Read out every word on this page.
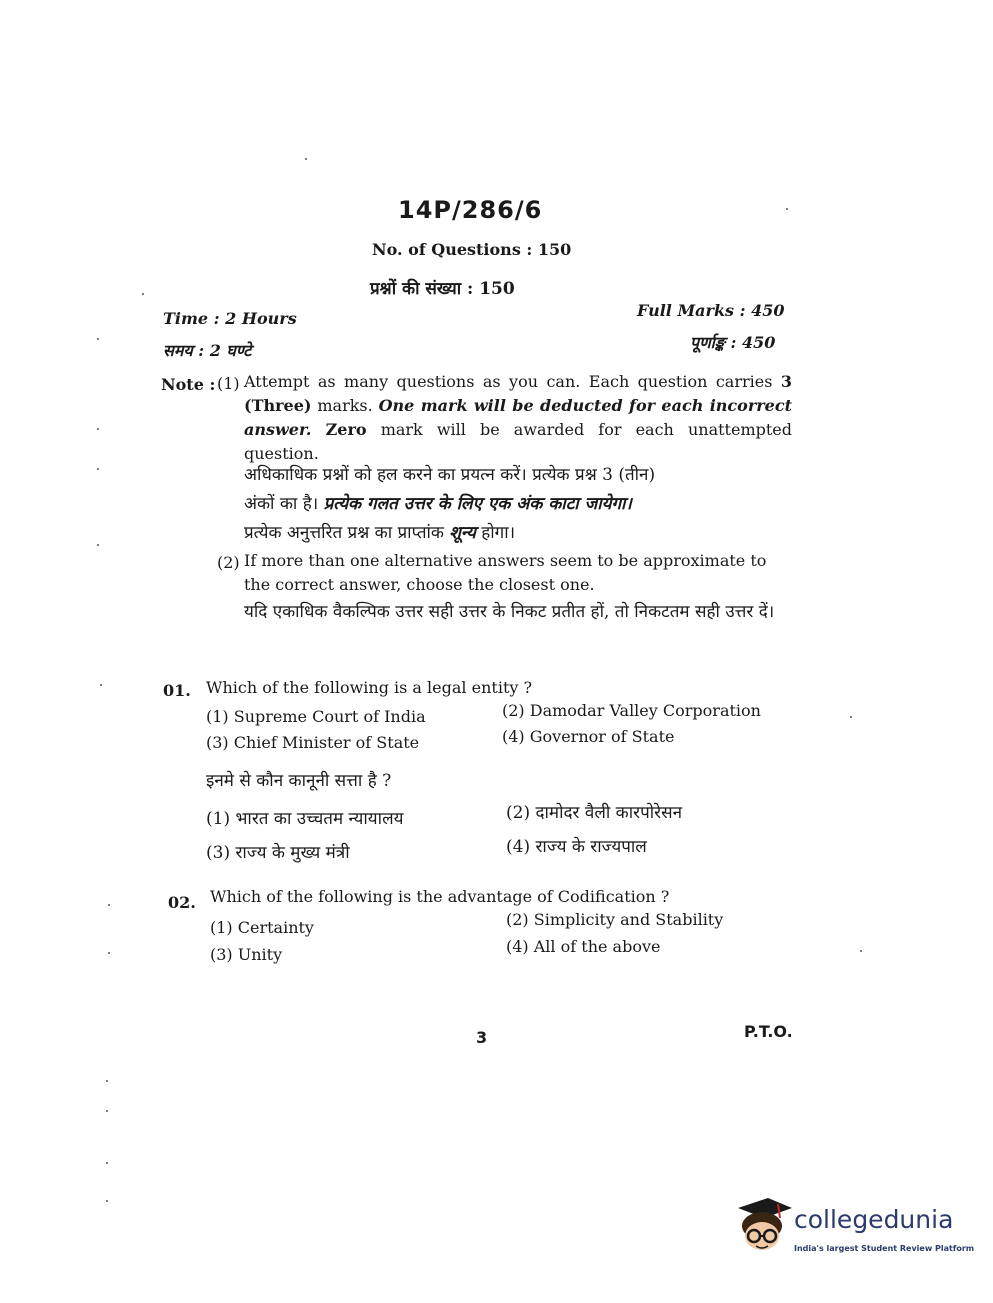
14P/286/6
No. of Questions : 150
प्रश्नों की संख्या : 150
Time : 2 Hours
समय : 2 घण्टे
Full Marks : 450
पूर्णाङ्क : 450
Note : (1) Attempt as many questions as you can. Each question carries 3 (Three) marks. One mark will be deducted for each incorrect answer. Zero mark will be awarded for each unattempted question.
अधिकाधिक प्रश्नों को हल करने का प्रयत्न करें। प्रत्येक प्रश्न 3 (तीन)
अंकों का है। प्रत्येक गलत उत्तर के लिए एक अंक काटा जायेगा।
प्रत्येक अनुत्तरित प्रश्न का प्राप्तांक शून्य होगा।
(2) If more than one alternative answers seem to be approximate to the correct answer, choose the closest one.
यदि एकाधिक वैकल्पिक उत्तर सही उत्तर के निकट प्रतीत हों, तो निकटतम सही उत्तर दें।
01. Which of the following is a legal entity ?
(1) Supreme Court of India	(2) Damodar Valley Corporation
(3) Chief Minister of State	(4) Governor of State
इनमे से कौन कानूनी सत्ता है ?
(1) भारत का उच्चतम न्यायालय	(2) दामोदर वैली कारपोरेसन
(3) राज्य के मुख्य मंत्री	(4) राज्य के राज्यपाल
02. Which of the following is the advantage of Codification ?
(1) Certainty	(2) Simplicity and Stability
(3) Unity	(4) All of the above
3	P.T.O.
collegedunia
India's largest Student Review Platform
